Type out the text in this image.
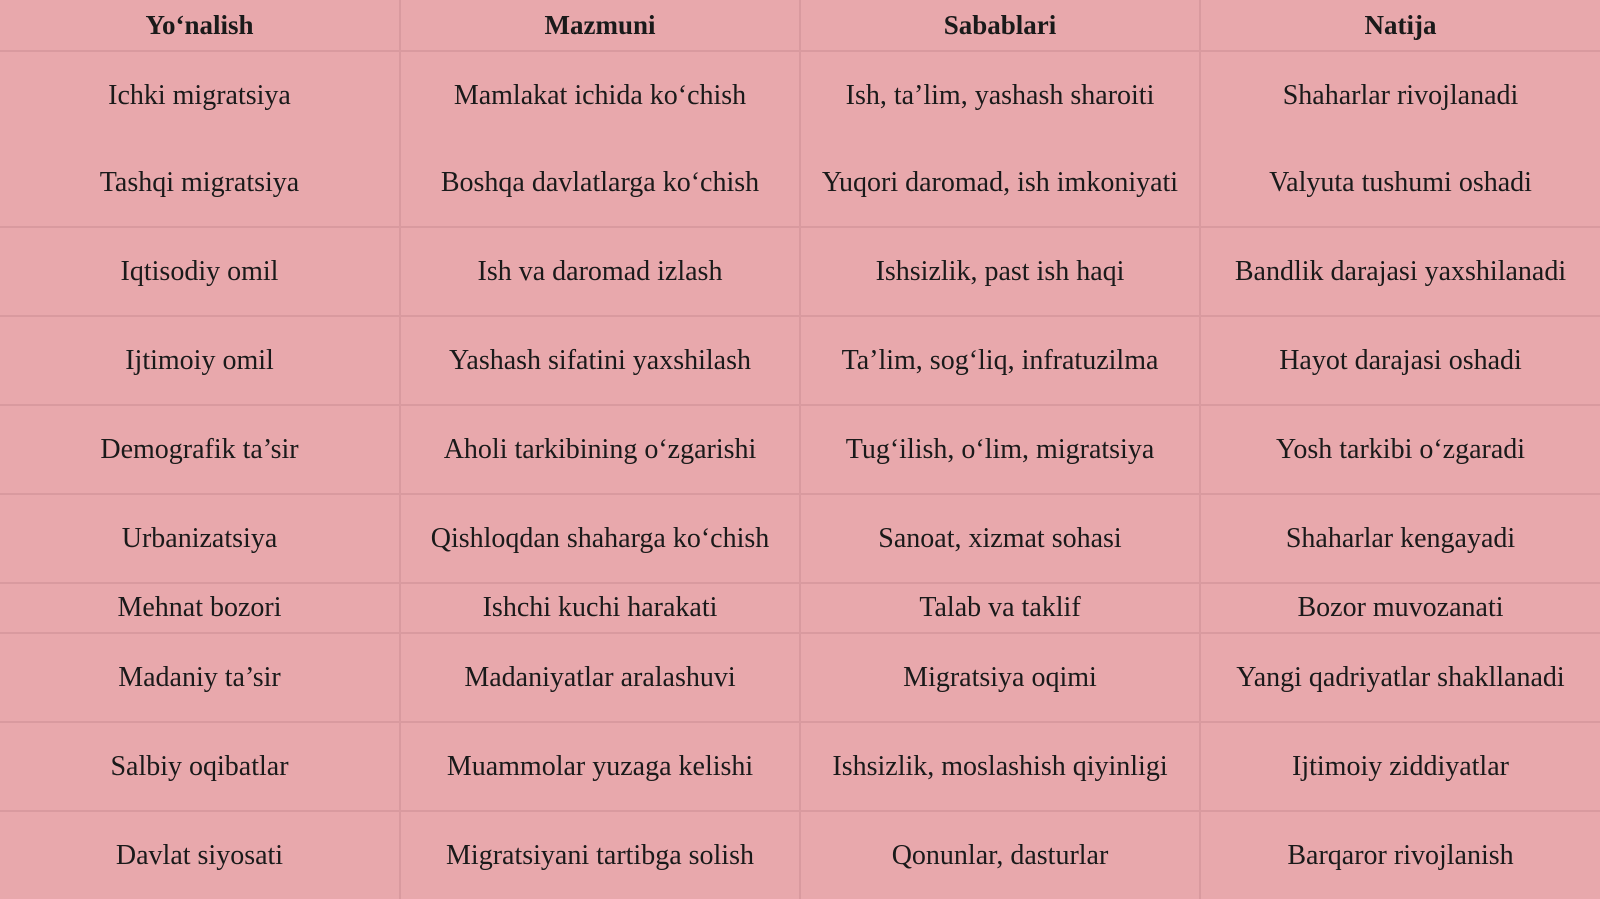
Yo‘nalish	Mazmuni	Sabablari	Natija
Ichki migratsiya	Mamlakat ichida ko‘chish	Ish, ta’lim, yashash sharoiti	Shaharlar rivojlanadi
Tashqi migratsiya	Boshqa davlatlarga ko‘chish	Yuqori daromad, ish imkoniyati	Valyuta tushumi oshadi
Iqtisodiy omil	Ish va daromad izlash	Ishsizlik, past ish haqi	Bandlik darajasi yaxshilanadi
Ijtimoiy omil	Yashash sifatini yaxshilash	Ta’lim, sog‘liq, infratuzilma	Hayot darajasi oshadi
Demografik ta’sir	Aholi tarkibining o‘zgarishi	Tug‘ilish, o‘lim, migratsiya	Yosh tarkibi o‘zgaradi
Urbanizatsiya	Qishloqdan shaharga ko‘chish	Sanoat, xizmat sohasi	Shaharlar kengayadi
Mehnat bozori	Ishchi kuchi harakati	Talab va taklif	Bozor muvozanati
Madaniy ta’sir	Madaniyatlar aralashuvi	Migratsiya oqimi	Yangi qadriyatlar shakllanadi
Salbiy oqibatlar	Muammolar yuzaga kelishi	Ishsizlik, moslashish qiyinligi	Ijtimoiy ziddiyatlar
Davlat siyosati	Migratsiyani tartibga solish	Qonunlar, dasturlar	Barqaror rivojlanish
